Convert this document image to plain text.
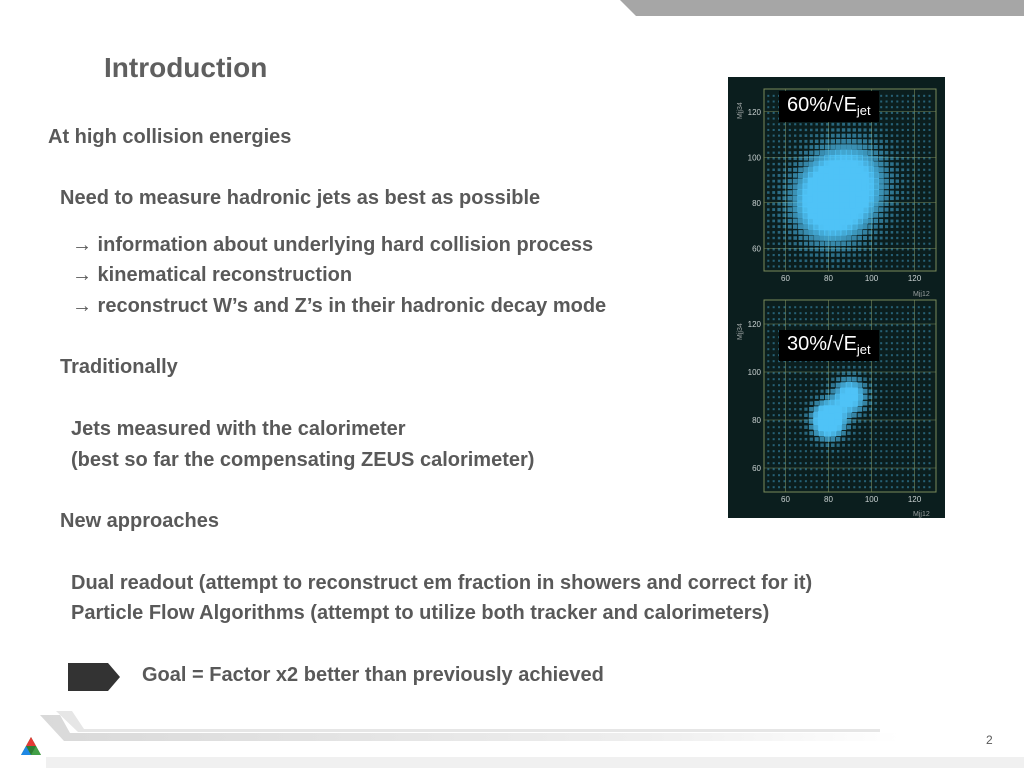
Introduction
At high collision energies
Need to measure hadronic jets as best as possible
→ information about underlying hard collision process
→ kinematical reconstruction
→ reconstruct W’s and Z’s in their hadronic decay mode
Traditionally
Jets measured with the calorimeter
(best so far the compensating ZEUS calorimeter)
New approaches
Dual readout (attempt to reconstruct em fraction in showers and correct for it)
Particle Flow Algorithms (attempt to utilize both tracker and calorimeters)
Goal = Factor x2 better than previously achieved
60	80	100	120
60
80
100
120
Mjj34
Mjj12
60	80	100	120
60
80
100
120
Mjj34
Mjj12
$60\%/√E_{jet}$
$30\%/√E_{jet}$
2
